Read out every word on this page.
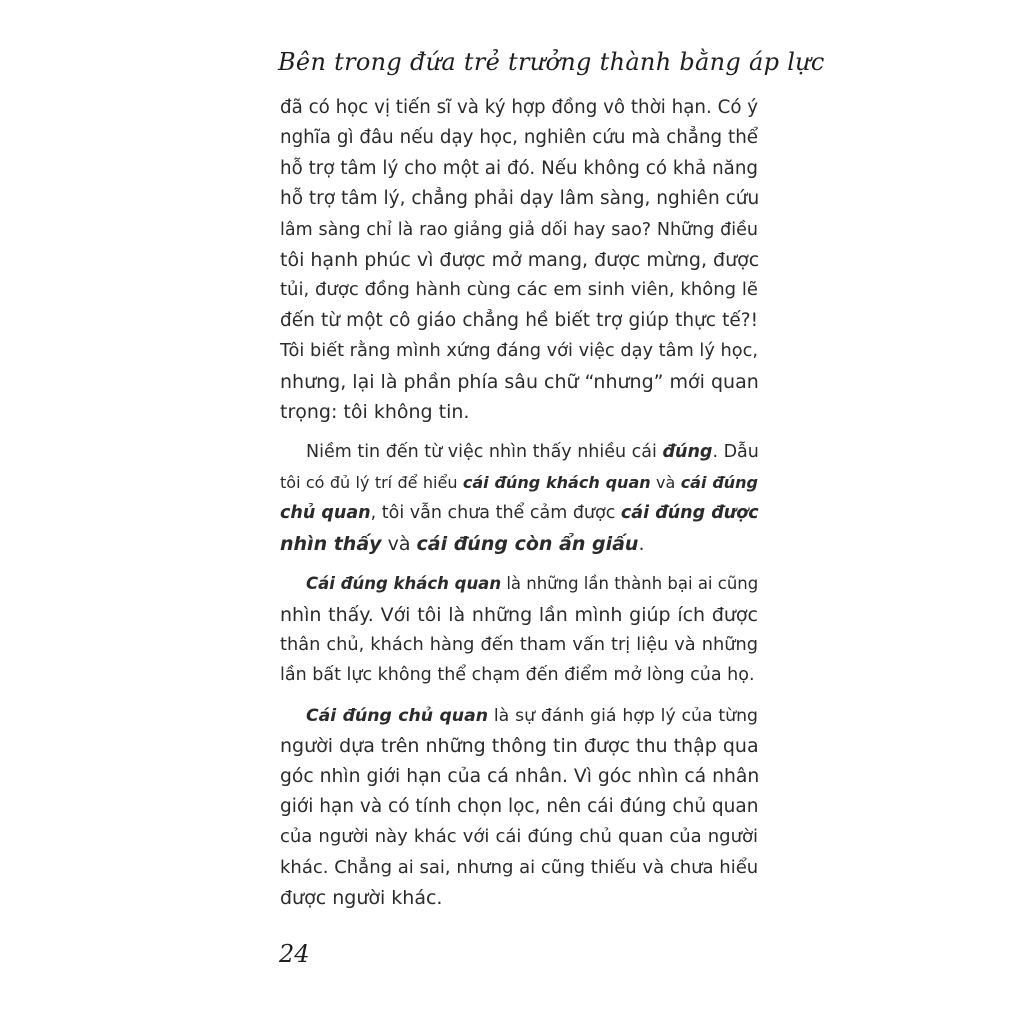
Bên trong đứa trẻ trưởng thành bằng áp lực

đã có học vị tiến sĩ và ký hợp đồng vô thời hạn. Có ý
nghĩa gì đâu nếu dạy học, nghiên cứu mà chẳng thể
hỗ trợ tâm lý cho một ai đó. Nếu không có khả năng
hỗ trợ tâm lý, chẳng phải dạy lâm sàng, nghiên cứu
lâm sàng chỉ là rao giảng giả dối hay sao? Những điều
tôi hạnh phúc vì được mở mang, được mừng, được
tủi, được đồng hành cùng các em sinh viên, không lẽ
đến từ một cô giáo chẳng hề biết trợ giúp thực tế?!
Tôi biết rằng mình xứng đáng với việc dạy tâm lý học,
nhưng, lại là phần phía sâu chữ “nhưng” mới quan
trọng: tôi không tin.

Niềm tin đến từ việc nhìn thấy nhiều cái đúng. Dẫu
tôi có đủ lý trí để hiểu cái đúng khách quan và cái đúng
chủ quan, tôi vẫn chưa thể cảm được cái đúng được
nhìn thấy và cái đúng còn ẩn giấu.

Cái đúng khách quan là những lần thành bại ai cũng
nhìn thấy. Với tôi là những lần mình giúp ích được
thân chủ, khách hàng đến tham vấn trị liệu và những
lần bất lực không thể chạm đến điểm mở lòng của họ.

Cái đúng chủ quan là sự đánh giá hợp lý của từng
người dựa trên những thông tin được thu thập qua
góc nhìn giới hạn của cá nhân. Vì góc nhìn cá nhân
giới hạn và có tính chọn lọc, nên cái đúng chủ quan
của người này khác với cái đúng chủ quan của người
khác. Chẳng ai sai, nhưng ai cũng thiếu và chưa hiểu
được người khác.

24
